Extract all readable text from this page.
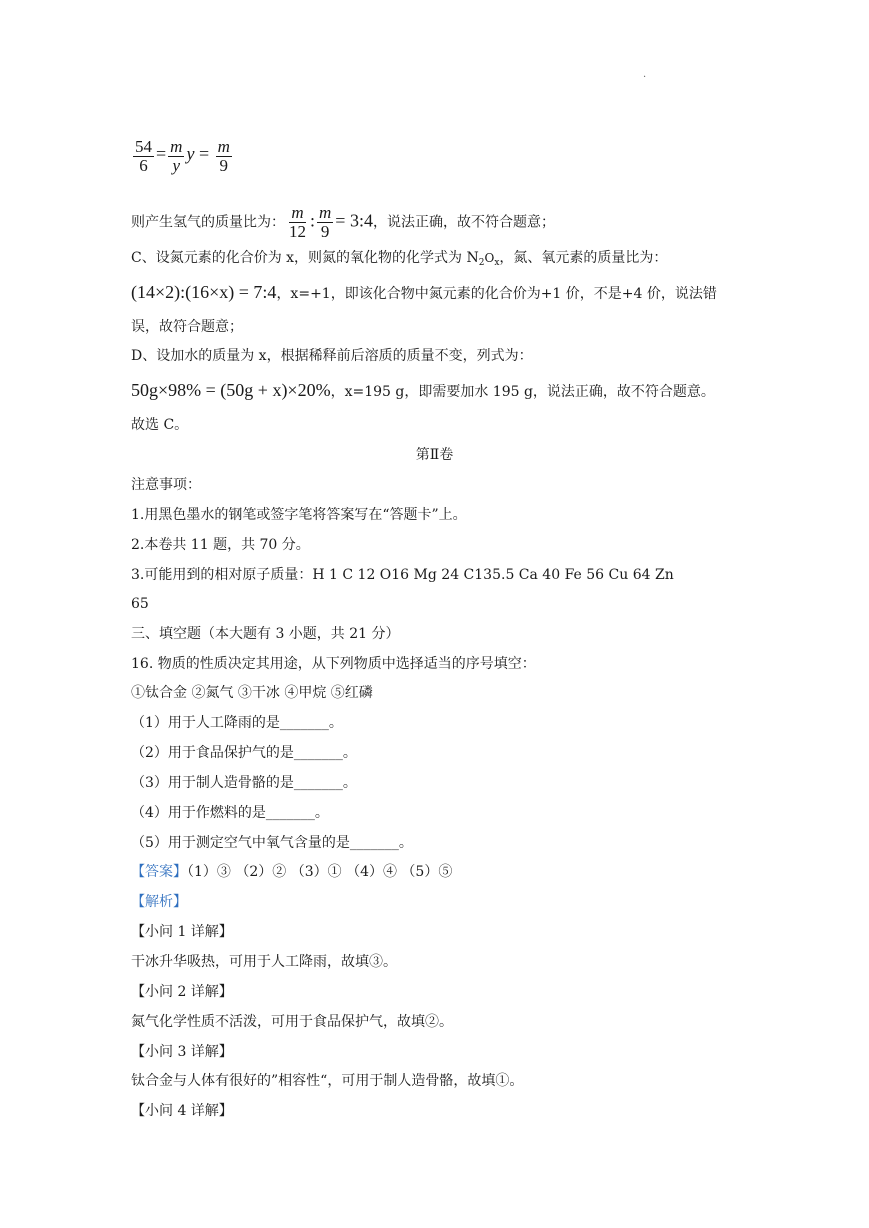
·
$\frac{54}{6} = \frac{m}{y}$ $y = \frac{m}{9}$
则产生氢气的质量比为： $\frac{m}{12}$ : $\frac{m}{9}$ = 3:4，说法正确，故不符合题意；
C、设氮元素的化合价为 x，则氮的氧化物的化学式为 $N_2O_x$，氮、氧元素的质量比为：
(14×2):(16×x) = 7:4，x=+1，即该化合物中氮元素的化合价为+1 价，不是+4 价，说法错
误，故符合题意；
D、设加水的质量为 x，根据稀释前后溶质的质量不变，列式为：
50g×98% = (50g + x)×20%，x=195 g，即需要加水 195 g，说法正确，故不符合题意。
故选 C。
第Ⅱ卷
注意事项：
1.用黑色墨水的钢笔或签字笔将答案写在“答题卡”上。
2.本卷共 11 题，共 70 分。
3.可能用到的相对原子质量：H 1 C 12 O16 Mg 24 C135.5 Ca 40 Fe 56 Cu 64 Zn
65
三、填空题（本大题有 3 小题，共 21 分）
16. 物质的性质决定其用途，从下列物质中选择适当的序号填空：
①钛合金 ②氮气 ③干冰 ④甲烷 ⑤红磷
（1）用于人工降雨的是_______。
（2）用于食品保护气的是_______。
（3）用于制人造骨骼的是_______。
（4）用于作燃料的是_______。
（5）用于测定空气中氧气含量的是_______。
【答案】（1）③ （2）② （3）① （4）④ （5）⑤
【解析】
【小问 1 详解】
干冰升华吸热，可用于人工降雨，故填③。
【小问 2 详解】
氮气化学性质不活泼，可用于食品保护气，故填②。
【小问 3 详解】
钛合金与人体有很好的”相容性“，可用于制人造骨骼，故填①。
【小问 4 详解】
